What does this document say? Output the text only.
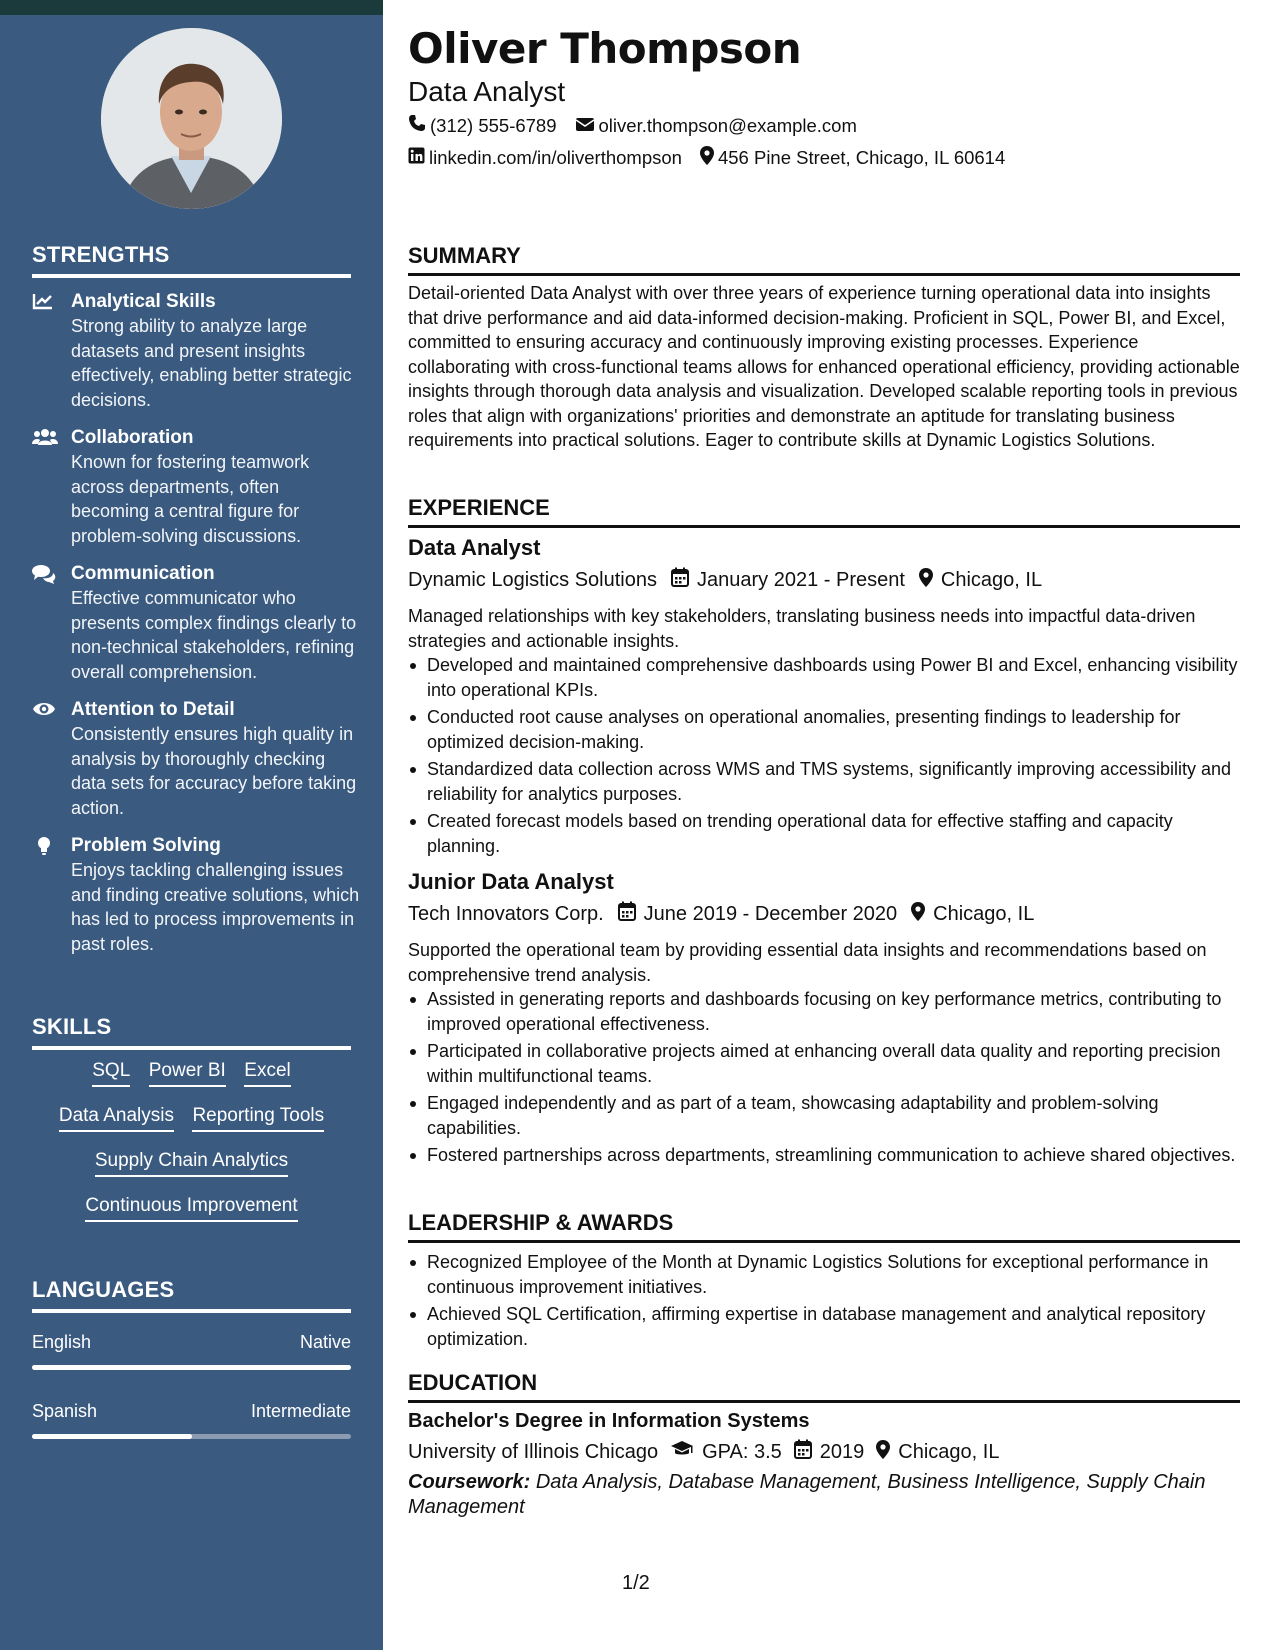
STRENGTHS
Analytical Skills
Strong ability to analyze large datasets and present insights effectively, enabling better strategic decisions.
Collaboration
Known for fostering teamwork across departments, often becoming a central figure for problem-solving discussions.
Communication
Effective communicator who presents complex findings clearly to non-technical stakeholders, refining overall comprehension.
Attention to Detail
Consistently ensures high quality in analysis by thoroughly checking data sets for accuracy before taking action.
Problem Solving
Enjoys tackling challenging issues and finding creative solutions, which has led to process improvements in past roles.
SKILLS
SQL Power BI Excel
Data Analysis Reporting Tools
Supply Chain Analytics
Continuous Improvement
LANGUAGES
English	Native
Spanish	Intermediate
Oliver Thompson
Data Analyst
(312) 555-6789 oliver.thompson@example.com
linkedin.com/in/oliverthompson 456 Pine Street, Chicago, IL 60614
SUMMARY
Detail-oriented Data Analyst with over three years of experience turning operational data into insights that drive performance and aid data-informed decision-making. Proficient in SQL, Power BI, and Excel, committed to ensuring accuracy and continuously improving existing processes. Experience collaborating with cross-functional teams allows for enhanced operational efficiency, providing actionable insights through thorough data analysis and visualization. Developed scalable reporting tools in previous roles that align with organizations' priorities and demonstrate an aptitude for translating business requirements into practical solutions. Eager to contribute skills at Dynamic Logistics Solutions.
EXPERIENCE
Data Analyst
Dynamic Logistics Solutions January 2021 - Present Chicago, IL
Managed relationships with key stakeholders, translating business needs into impactful data-driven strategies and actionable insights.
Developed and maintained comprehensive dashboards using Power BI and Excel, enhancing visibility into operational KPIs.
Conducted root cause analyses on operational anomalies, presenting findings to leadership for optimized decision-making.
Standardized data collection across WMS and TMS systems, significantly improving accessibility and reliability for analytics purposes.
Created forecast models based on trending operational data for effective staffing and capacity planning.
Junior Data Analyst
Tech Innovators Corp. June 2019 - December 2020 Chicago, IL
Supported the operational team by providing essential data insights and recommendations based on comprehensive trend analysis.
Assisted in generating reports and dashboards focusing on key performance metrics, contributing to improved operational effectiveness.
Participated in collaborative projects aimed at enhancing overall data quality and reporting precision within multifunctional teams.
Engaged independently and as part of a team, showcasing adaptability and problem-solving capabilities.
Fostered partnerships across departments, streamlining communication to achieve shared objectives.
LEADERSHIP & AWARDS
Recognized Employee of the Month at Dynamic Logistics Solutions for exceptional performance in continuous improvement initiatives.
Achieved SQL Certification, affirming expertise in database management and analytical repository optimization.
EDUCATION
Bachelor's Degree in Information Systems
University of Illinois Chicago GPA: 3.5 2019 Chicago, IL
Coursework: Data Analysis, Database Management, Business Intelligence, Supply Chain Management
1/2
